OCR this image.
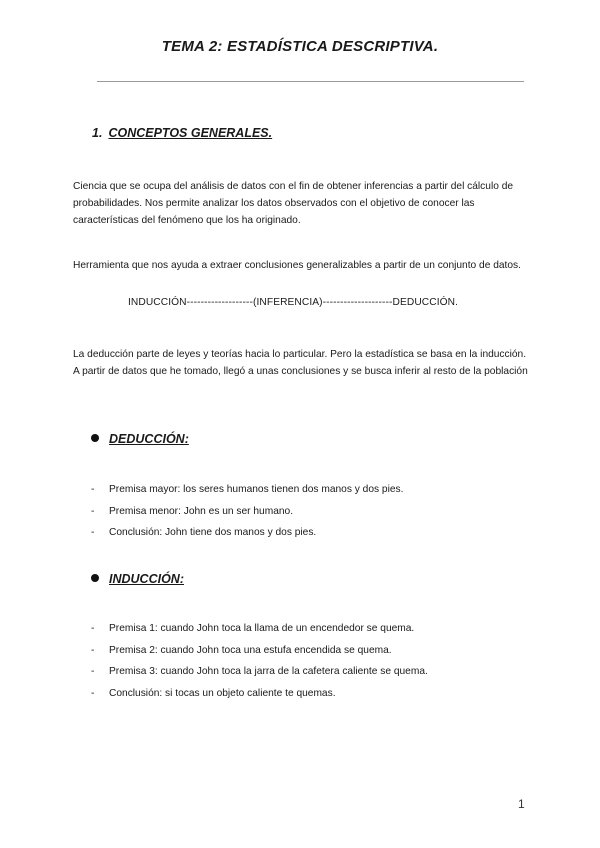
TEMA 2: ESTADÍSTICA DESCRIPTIVA.
1. CONCEPTOS GENERALES.
Ciencia que se ocupa del análisis de datos con el fin de obtener inferencias a partir del cálculo de probabilidades. Nos permite analizar los datos observados con el objetivo de conocer las características del fenómeno que los ha originado.
Herramienta que nos ayuda a extraer conclusiones generalizables a partir de un conjunto de datos.
INDUCCIÓN-------------------(INFERENCIA)--------------------DEDUCCIÓN.
La deducción parte de leyes y teorías hacia lo particular. Pero la estadística se basa en la inducción. A partir de datos que he tomado, llegó a unas conclusiones y se busca inferir al resto de la población
DEDUCCIÓN:
- Premisa mayor: los seres humanos tienen dos manos y dos pies.
- Premisa menor: John es un ser humano.
- Conclusión: John tiene dos manos y dos pies.
INDUCCIÓN:
- Premisa 1: cuando John toca la llama de un encendedor se quema.
- Premisa 2: cuando John toca una estufa encendida se quema.
- Premisa 3: cuando John toca la jarra de la cafetera caliente se quema.
- Conclusión: si tocas un objeto caliente te quemas.
1
